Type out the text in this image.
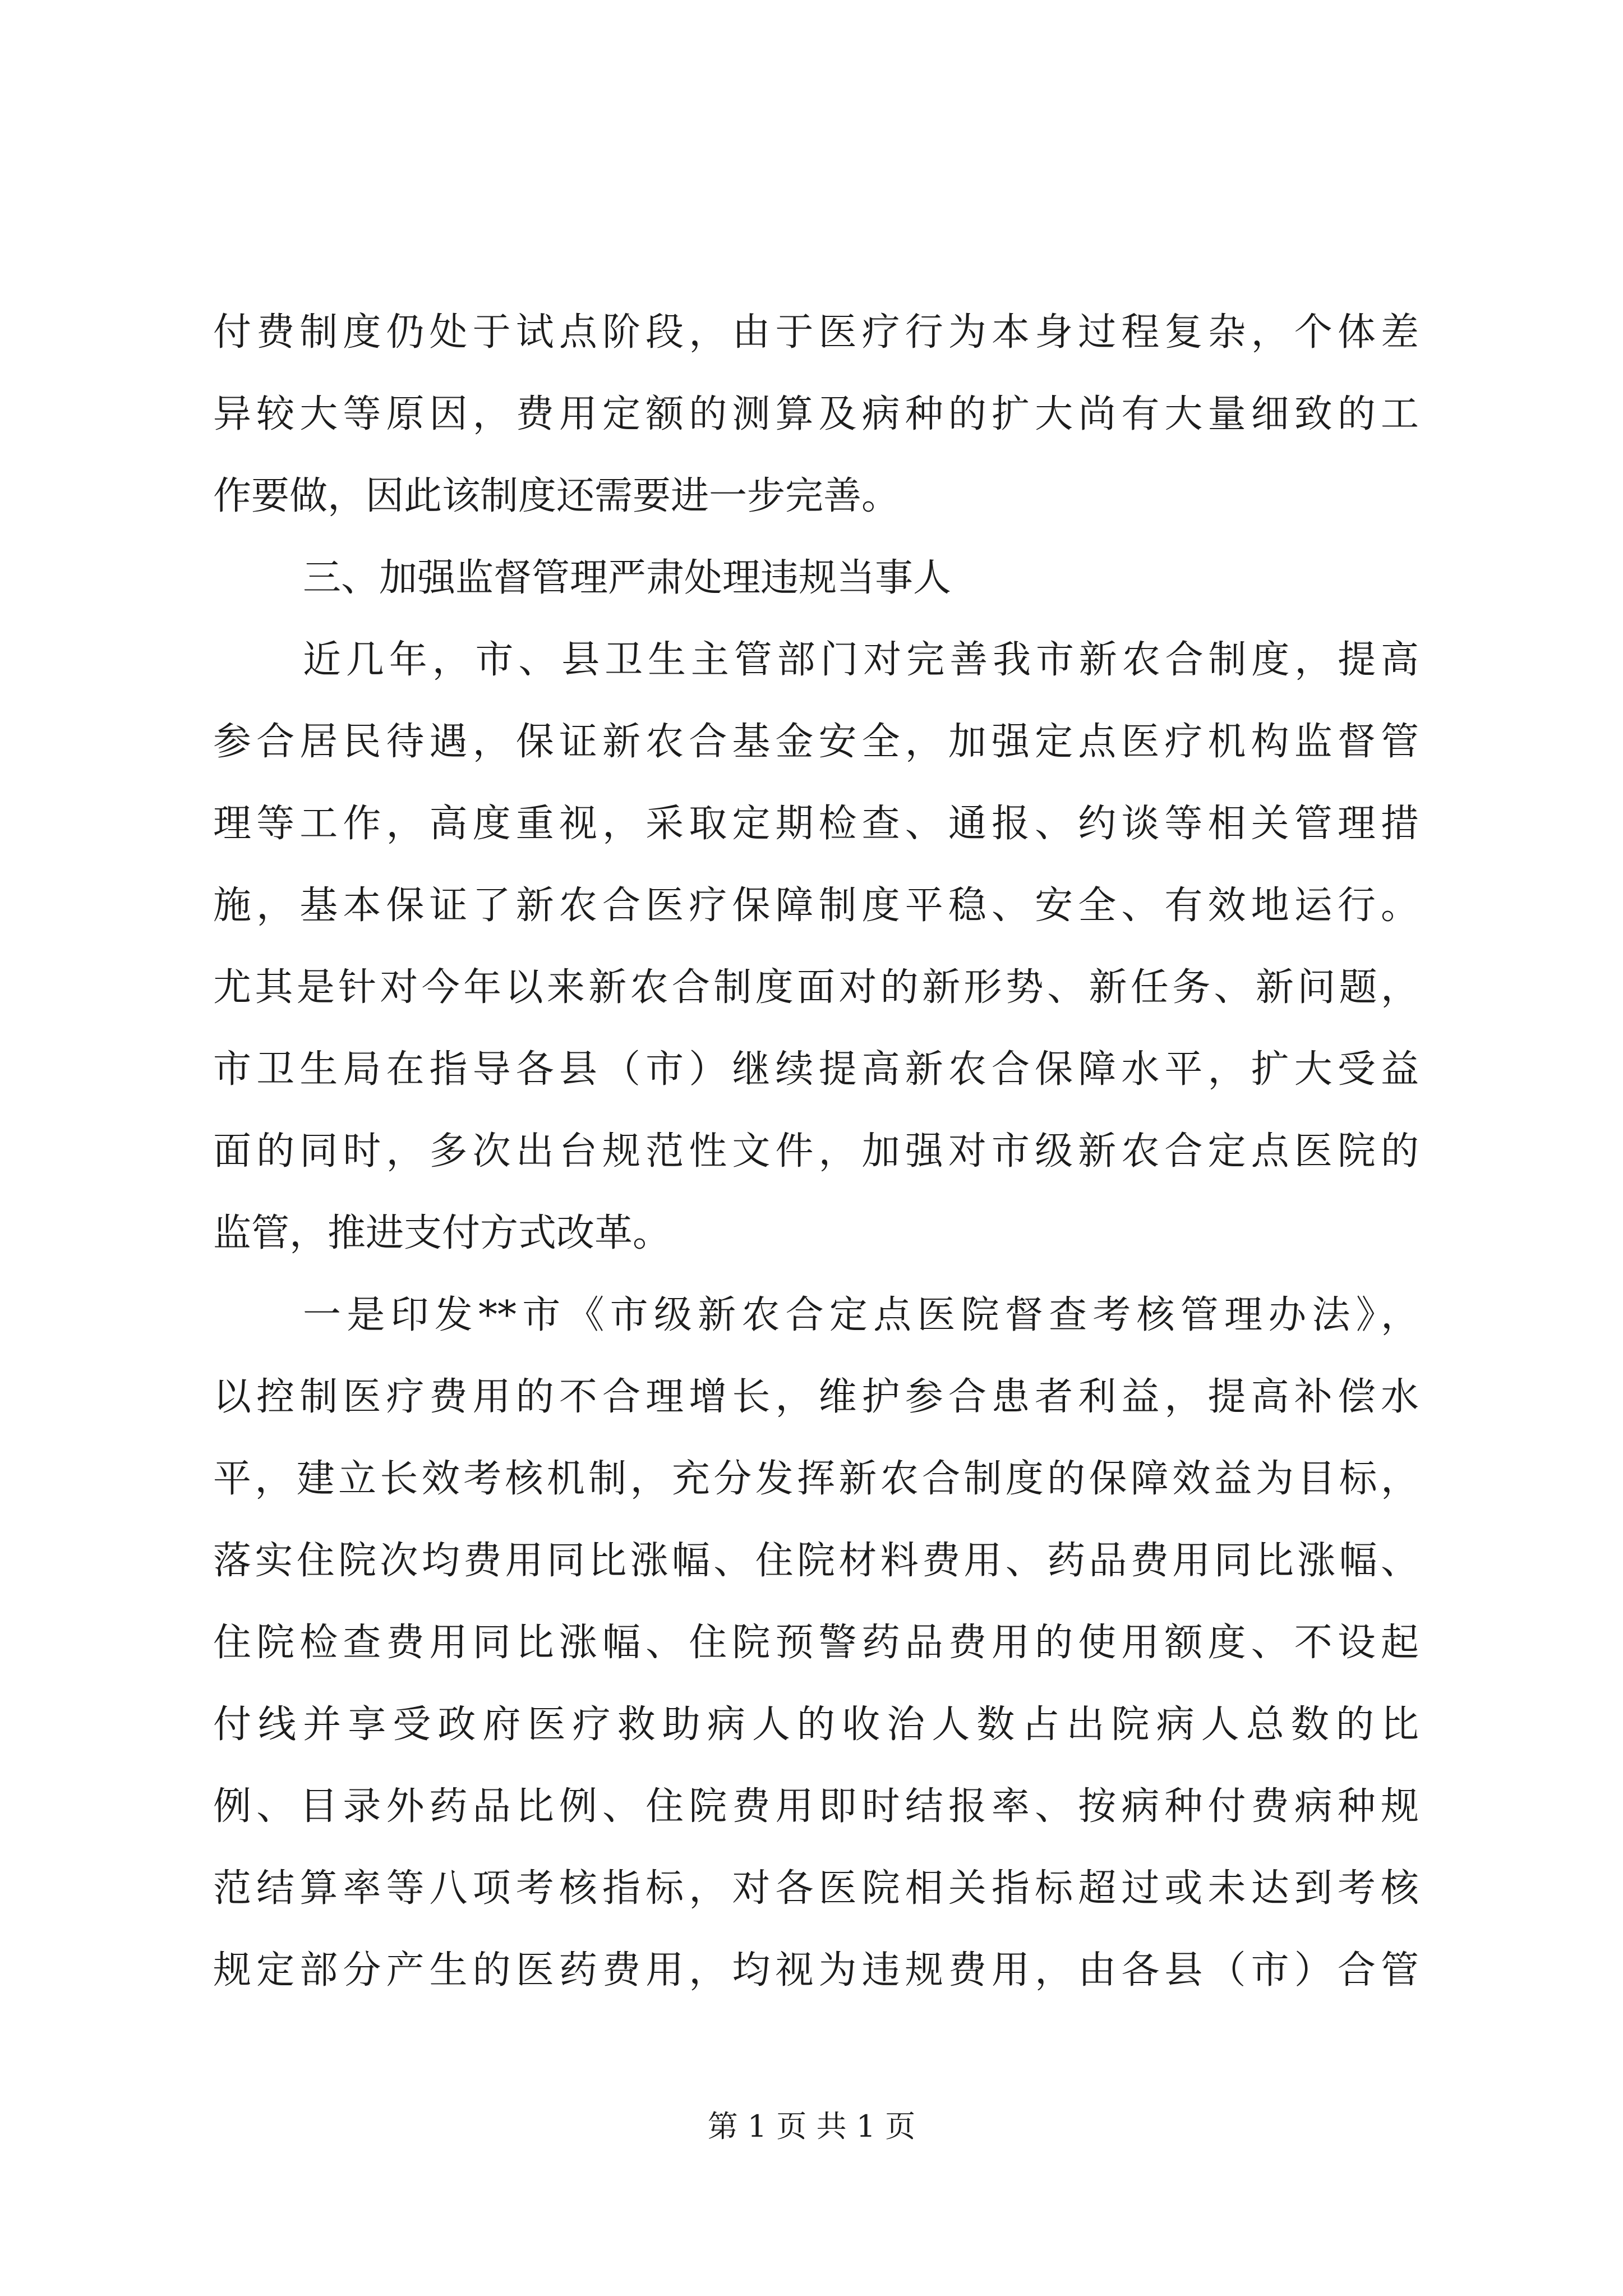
付费制度仍处于试点阶段，由于医疗行为本身过程复杂，个体差
异较大等原因，费用定额的测算及病种的扩大尚有大量细致的工
作要做，因此该制度还需要进一步完善。
三、加强监督管理严肃处理违规当事人
近几年，市、县卫生主管部门对完善我市新农合制度，提高
参合居民待遇，保证新农合基金安全，加强定点医疗机构监督管
理等工作，高度重视，采取定期检查、通报、约谈等相关管理措
施，基本保证了新农合医疗保障制度平稳、安全、有效地运行。
尤其是针对今年以来新农合制度面对的新形势、新任务、新问题，
市卫生局在指导各县（市）继续提高新农合保障水平，扩大受益
面的同时，多次出台规范性文件，加强对市级新农合定点医院的
监管，推进支付方式改革。
一是印发**市《市级新农合定点医院督查考核管理办法》，
以控制医疗费用的不合理增长，维护参合患者利益，提高补偿水
平，建立长效考核机制，充分发挥新农合制度的保障效益为目标，
落实住院次均费用同比涨幅、住院材料费用、药品费用同比涨幅、
住院检查费用同比涨幅、住院预警药品费用的使用额度、不设起
付线并享受政府医疗救助病人的收治人数占出院病人总数的比
例、目录外药品比例、住院费用即时结报率、按病种付费病种规
范结算率等八项考核指标，对各医院相关指标超过或未达到考核
规定部分产生的医药费用，均视为违规费用，由各县（市）合管
第 1 页 共 1 页
